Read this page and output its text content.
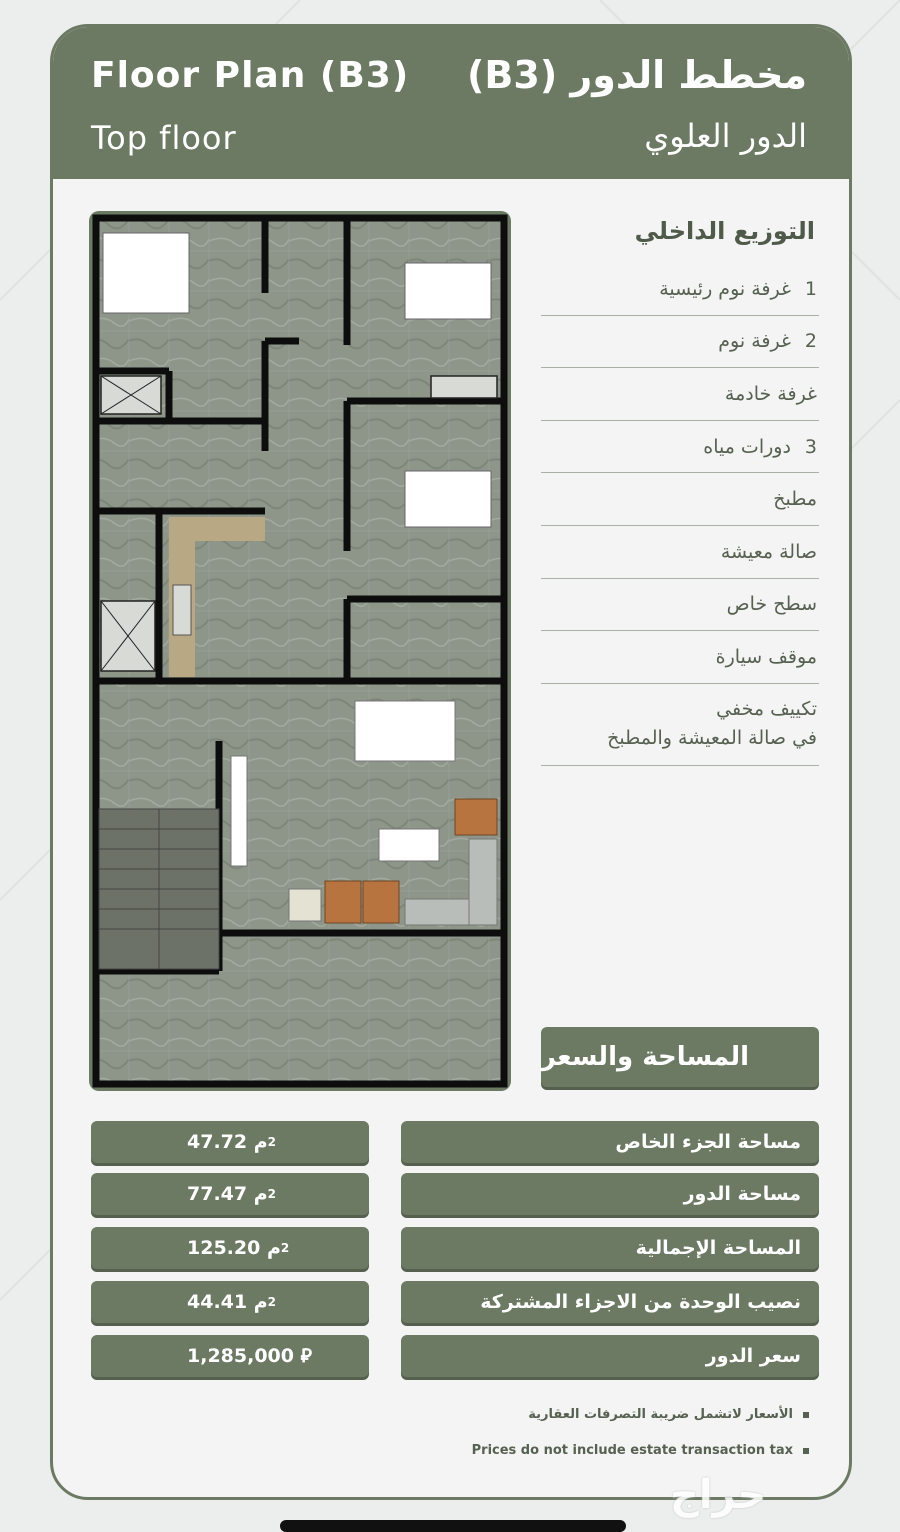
Floor Plan (B3)
Top floor
مخطط الدور (B3)
الدور العلوي
التوزيع الداخلي
1
غرفة نوم رئيسية
2
غرفة نوم
غرفة خادمة
3
دورات مياه
مطبخ
صالة معيشة
سطح خاص
موقف سيارة
تكييف مخفي
في صالة المعيشة والمطبخ
المساحة والسعر
مساحة الجزء الخاص
47.72
م 2
مساحة الدور
77.47
م 2
المساحة الإجمالية
125.20
م 2
نصيب الوحدة من الاجزاء المشتركة
44.41
م 2
سعر الدور
1,285,000
⃁
الأسعار لاتشمل ضريبة التصرفات العقارية
Prices do not include estate transaction tax
حراج
